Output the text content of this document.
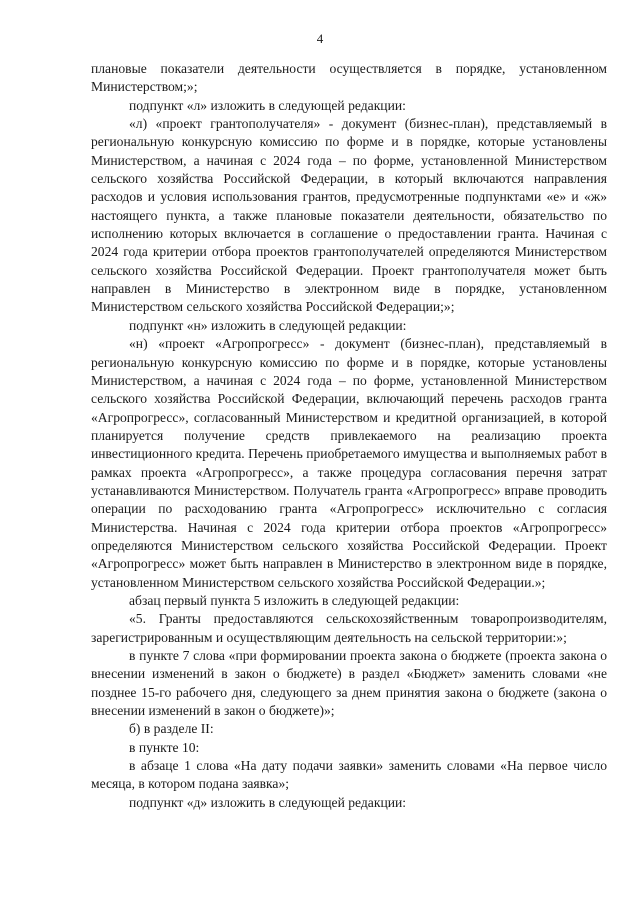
4

плановые показатели деятельности осуществляется в порядке, установленном Министерством;»;

подпункт «л» изложить в следующей редакции:

«л) «проект грантополучателя» - документ (бизнес-план), представляемый в региональную конкурсную комиссию по форме и в порядке, которые установлены Министерством, а начиная с 2024 года – по форме, установленной Министерством сельского хозяйства Российской Федерации, в который включаются направления расходов и условия использования грантов, предусмотренные подпунктами «е» и «ж» настоящего пункта, а также плановые показатели деятельности, обязательство по исполнению которых включается в соглашение о предоставлении гранта. Начиная с 2024 года критерии отбора проектов грантополучателей определяются Министерством сельского хозяйства Российской Федерации. Проект грантополучателя может быть направлен в Министерство в электронном виде в порядке, установленном Министерством сельского хозяйства Российской Федерации;»;

подпункт «н» изложить в следующей редакции:

«н) «проект «Агропрогресс» - документ (бизнес-план), представляемый в региональную конкурсную комиссию по форме и в порядке, которые установлены Министерством, а начиная с 2024 года – по форме, установленной Министерством сельского хозяйства Российской Федерации, включающий перечень расходов гранта «Агропрогресс», согласованный Министерством и кредитной организацией, в которой планируется получение средств привлекаемого на реализацию проекта инвестиционного кредита. Перечень приобретаемого имущества и выполняемых работ в рамках проекта «Агропрогресс», а также процедура согласования перечня затрат устанавливаются Министерством. Получатель гранта «Агропрогресс» вправе проводить операции по расходованию гранта «Агропрогресс» исключительно с согласия Министерства. Начиная с 2024 года критерии отбора проектов «Агропрогресс» определяются Министерством сельского хозяйства Российской Федерации. Проект «Агропрогресс» может быть направлен в Министерство в электронном виде в порядке, установленном Министерством сельского хозяйства Российской Федерации.»;

абзац первый пункта 5 изложить в следующей редакции:

«5. Гранты предоставляются сельскохозяйственным товаропроизводителям, зарегистрированным и осуществляющим деятельность на сельской территории:»;

в пункте 7 слова «при формировании проекта закона о бюджете (проекта закона о внесении изменений в закон о бюджете) в раздел «Бюджет» заменить словами «не позднее 15-го рабочего дня, следующего за днем принятия закона о бюджете (закона о внесении изменений в закон о бюджете)»;

б) в разделе II:

в пункте 10:

в абзаце 1 слова «На дату подачи заявки» заменить словами «На первое число месяца, в котором подана заявка»;

подпункт «д» изложить в следующей редакции:
